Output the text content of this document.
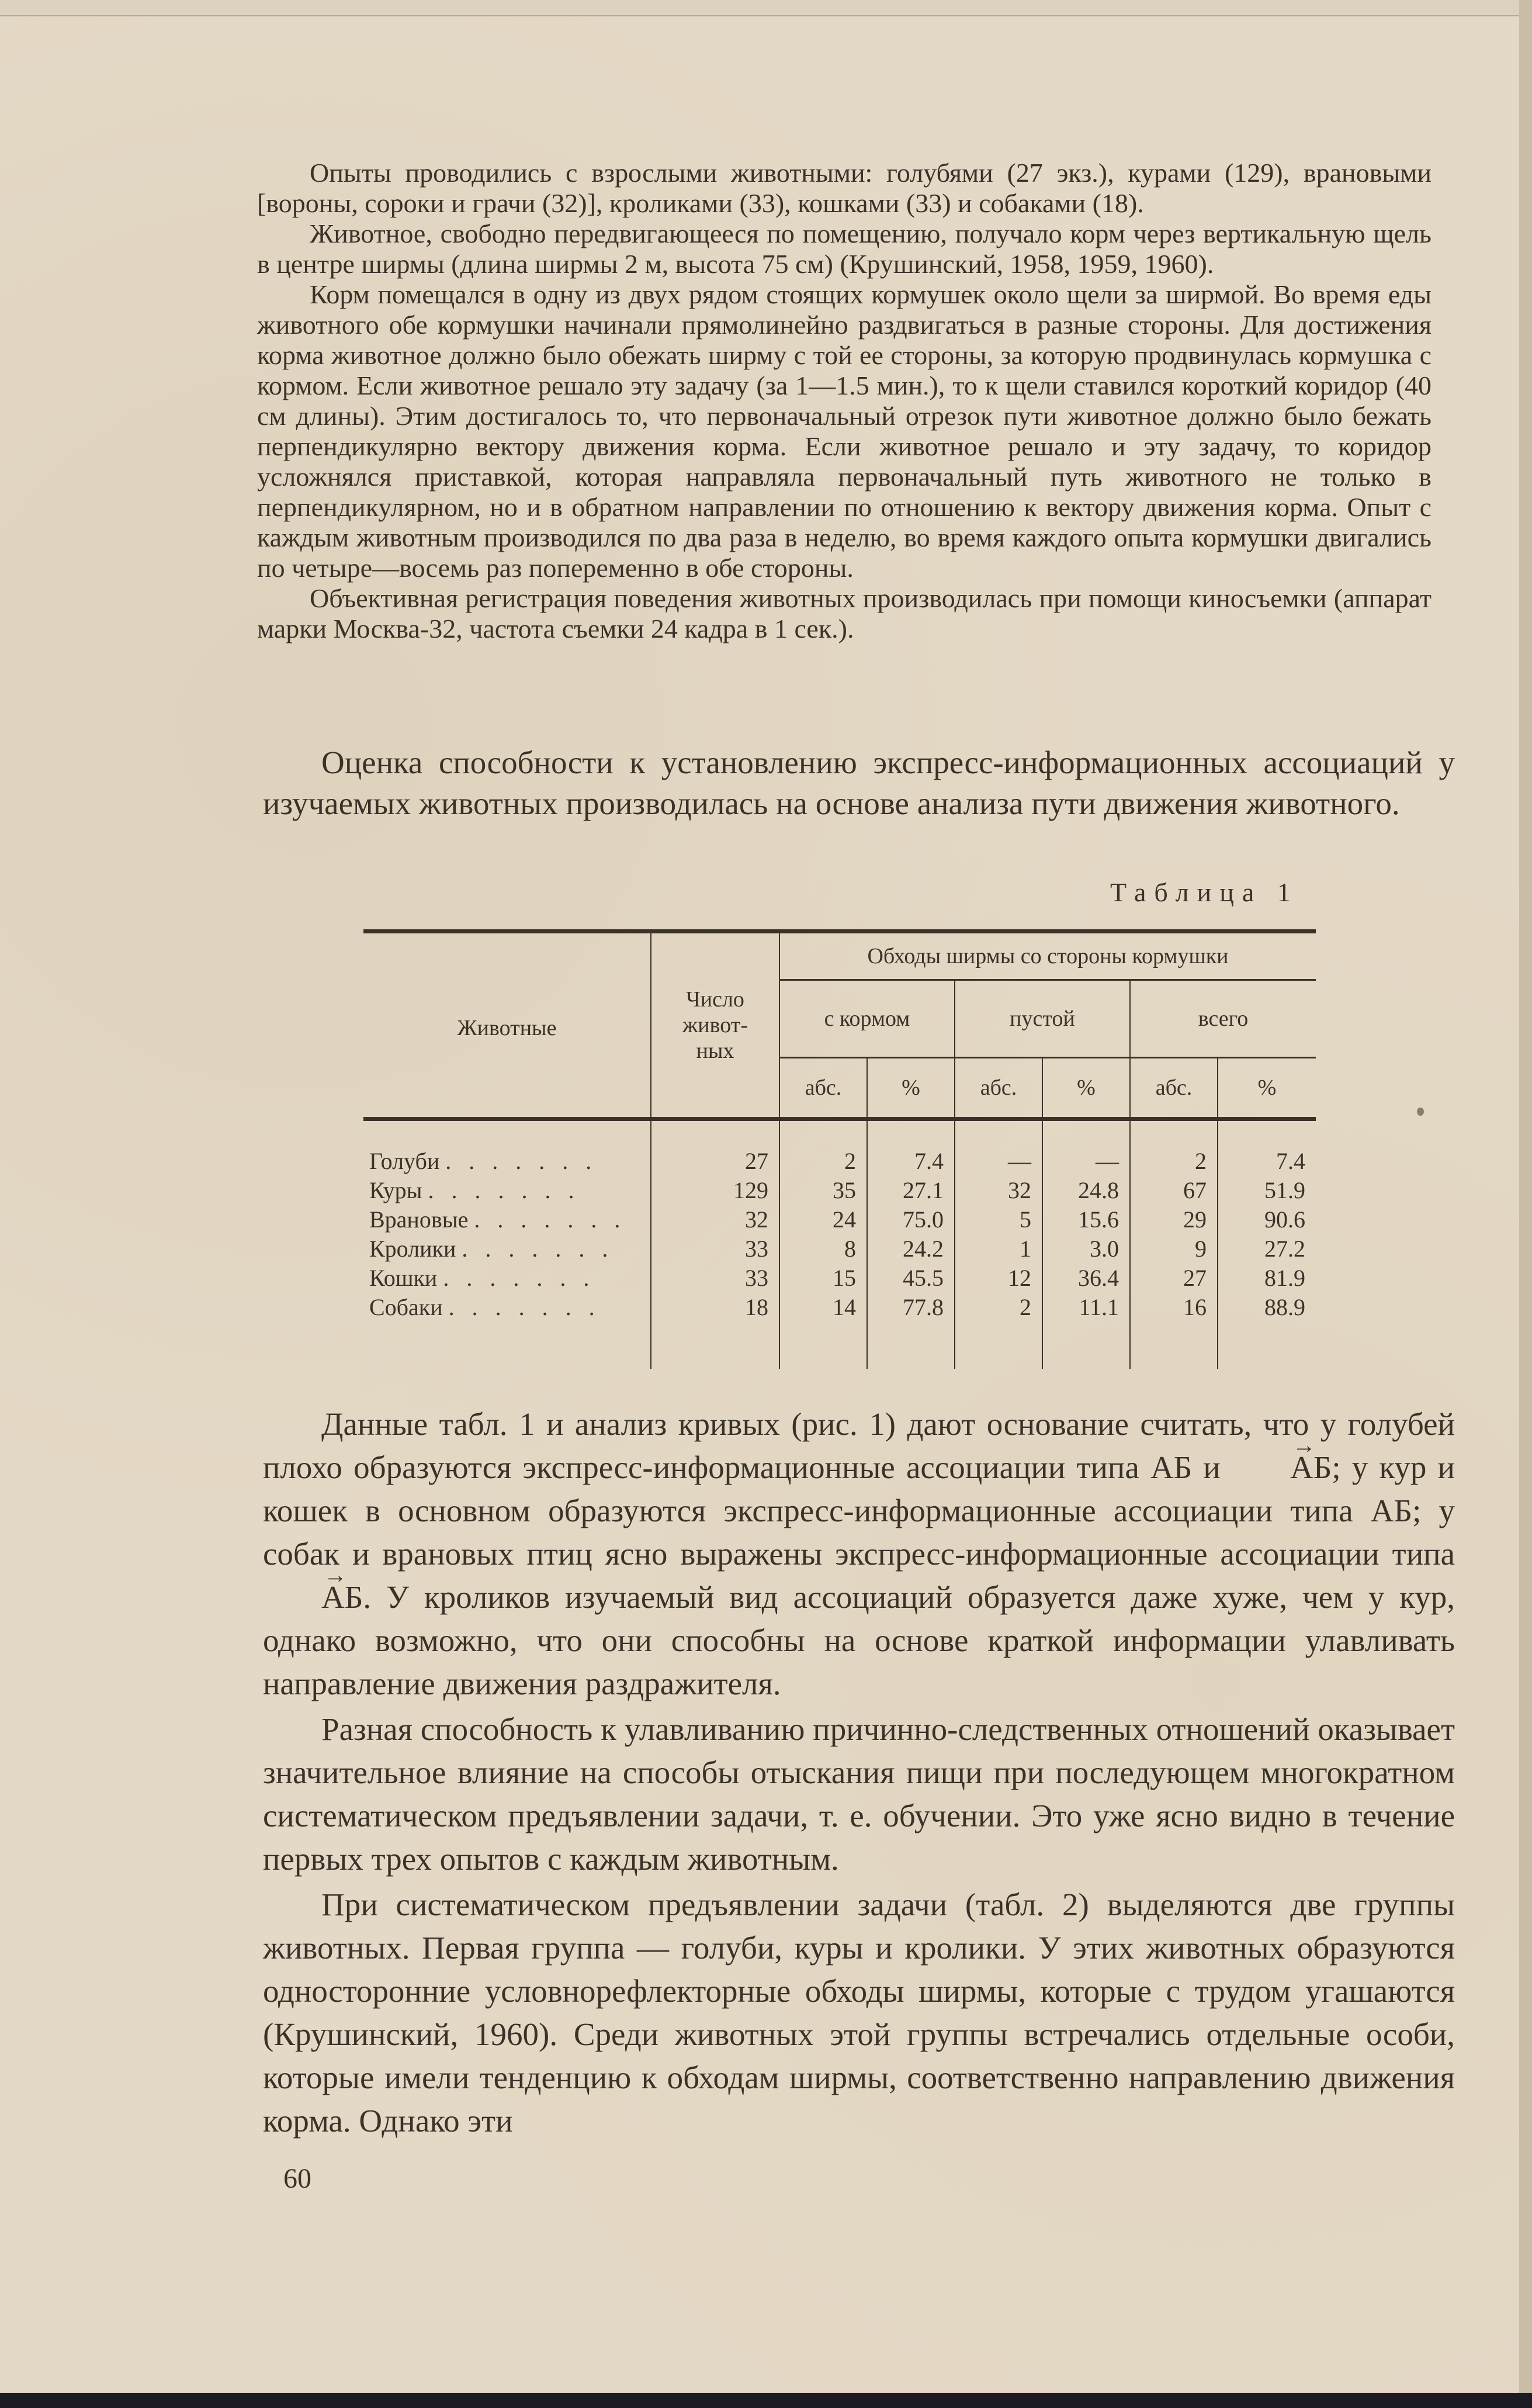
Опыты проводились с взрослыми животными: голубями (27 экз.), курами (129), врановыми [вороны, сороки и грачи (32)], кроликами (33), кошками (33) и собаками (18).

Животное, свободно передвигающееся по помещению, получало корм через вертикальную щель в центре ширмы (длина ширмы 2 м, высота 75 см) (Крушинский, 1958, 1959, 1960).

Корм помещался в одну из двух рядом стоящих кормушек около щели за ширмой. Во время еды животного обе кормушки начинали прямолинейно раздвигаться в разные стороны. Для достижения корма животное должно было обежать ширму с той ее стороны, за которую продвинулась кормушка с кормом. Если животное решало эту задачу (за 1—1.5 мин.), то к щели ставился короткий коридор (40 см длины). Этим достигалось то, что первоначальный отрезок пути животное должно было бежать перпендикулярно вектору движения корма. Если животное решало и эту задачу, то коридор усложнялся приставкой, которая направляла первоначальный путь животного не только в перпендикулярном, но и в обратном направлении по отношению к вектору движения корма. Опыт с каждым животным производился по два раза в неделю, во время каждого опыта кормушки двигались по четыре—восемь раз попеременно в обе стороны.

Объективная регистрация поведения животных производилась при помощи киносъемки (аппарат марки Москва-32, частота съемки 24 кадра в 1 сек.).

Оценка способности к установлению экспресс-информационных ассоциаций у изучаемых животных производилась на основе анализа пути движения животного.

Таблица 1
Животные	Число живот-ных	Обходы ширмы со стороны кормушки					
		с кормом		пустой		всего	
		абс.	%	абс.	%	абс.	%
Голуби . . . . . . .	27	2	7.4	—	—	2	7.4
Куры . . . . . . .	129	35	27.1	32	24.8	67	51.9
Врановые . . . . . . .	32	24	75.0	5	15.6	29	90.6
Кролики . . . . . . .	33	8	24.2	1	3.0	9	27.2
Кошки . . . . . . .	33	15	45.5	12	36.4	27	81.9
Собаки . . . . . . .	18	14	77.8	2	11.1	16	88.9

Данные табл. 1 и анализ кривых (рис. 1) дают основание считать, что у голубей плохо образуются экспресс-информационные ассоциации типа АБ и → АБ; у кур и кошек в основном образуются экспресс-информационные ассоциации типа АБ; у собак и врановых птиц ясно выражены экспресс-информационные ассоциации типа → АБ. У кроликов изучаемый вид ассоциаций образуется даже хуже, чем у кур, однако возможно, что они способны на основе краткой информации улавливать направление движения раздражителя.

Разная способность к улавливанию причинно-следственных отношений оказывает значительное влияние на способы отыскания пищи при последующем многократном систематическом предъявлении задачи, т. е. обучении. Это уже ясно видно в течение первых трех опытов с каждым животным.

При систематическом предъявлении задачи (табл. 2) выделяются две группы животных. Первая группа — голуби, куры и кролики. У этих животных образуются односторонние условнорефлекторные обходы ширмы, которые с трудом угашаются (Крушинский, 1960). Среди животных этой группы встречались отдельные особи, которые имели тенденцию к обходам ширмы, соответственно направлению движения корма. Однако эти

60
